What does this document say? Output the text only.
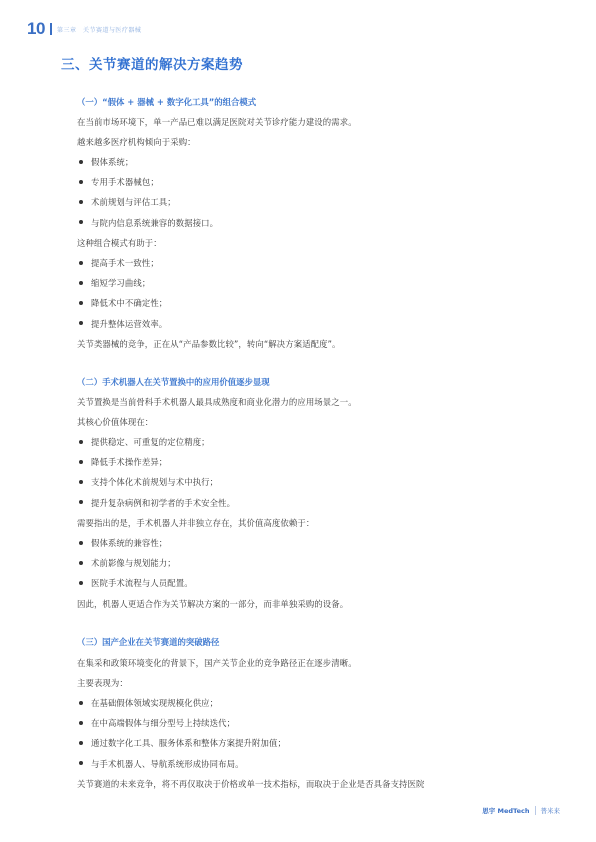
10 第三章　关节赛道与医疗器械
三、关节赛道的解决方案趋势
（一）“假体 + 器械 + 数字化工具”的组合模式
在当前市场环境下，单一产品已难以满足医院对关节诊疗能力建设的需求。
越来越多医疗机构倾向于采购：
假体系统；
专用手术器械包；
术前规划与评估工具；
与院内信息系统兼容的数据接口。
这种组合模式有助于：
提高手术一致性；
缩短学习曲线；
降低术中不确定性；
提升整体运营效率。
关节类器械的竞争，正在从“产品参数比较”，转向“解决方案适配度”。
（二）手术机器人在关节置换中的应用价值逐步显现
关节置换是当前骨科手术机器人最具成熟度和商业化潜力的应用场景之一。
其核心价值体现在：
提供稳定、可重复的定位精度；
降低手术操作差异；
支持个体化术前规划与术中执行；
提升复杂病例和初学者的手术安全性。
需要指出的是，手术机器人并非独立存在，其价值高度依赖于：
假体系统的兼容性；
术前影像与规划能力；
医院手术流程与人员配置。
因此，机器人更适合作为关节解决方案的一部分，而非单独采购的设备。
（三）国产企业在关节赛道的突破路径
在集采和政策环境变化的背景下，国产关节企业的竞争路径正在逐步清晰。
主要表现为：
在基础假体领域实现规模化供应；
在中高端假体与细分型号上持续迭代；
通过数字化工具、服务体系和整体方案提升附加值；
与手术机器人、导航系统形成协同布局。
关节赛道的未来竞争，将不再仅取决于价格或单一技术指标，而取决于企业是否具备支持医院
思宇 MedTech 普米来
